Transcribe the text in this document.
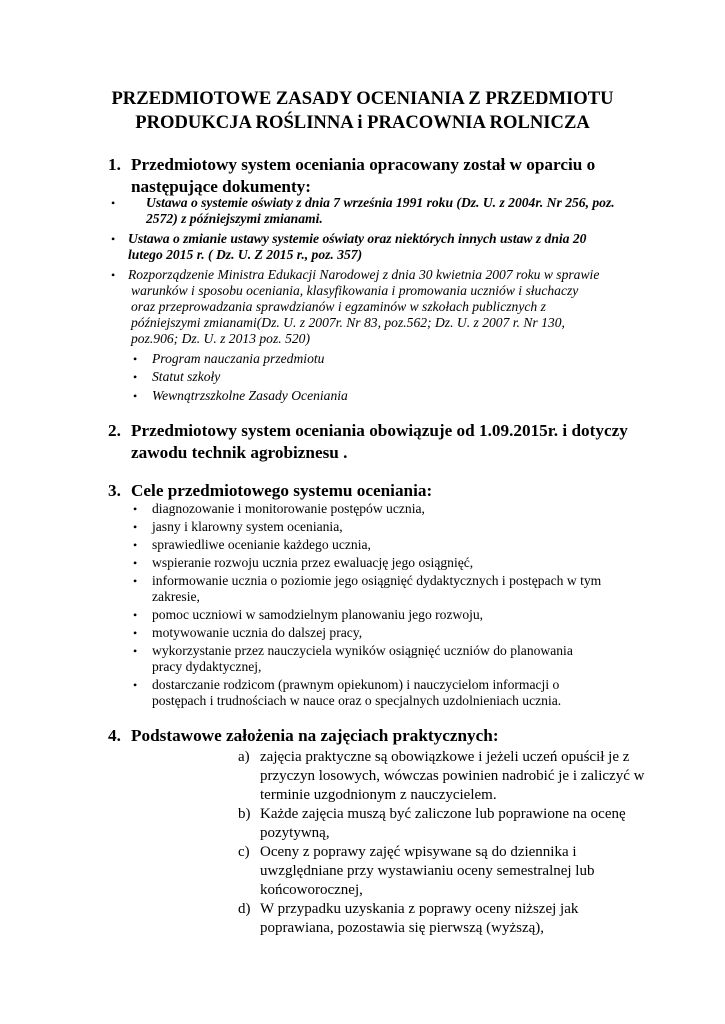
PRZEDMIOTOWE ZASADY OCENIANIA Z PRZEDMIOTU

PRODUKCJA ROŚLINNA i PRACOWNIA ROLNICZA

1. Przedmiotowy system oceniania opracowany został w oparciu o
następujące dokumenty:
• Ustawa o systemie oświaty z dnia 7 września 1991 roku (Dz. U. z 2004r. Nr 256, poz.

2572) z późniejszymi zmianami.

• Ustawa o zmianie ustawy systemie oświaty oraz niektórych innych ustaw z dnia 20

lutego 2015 r. ( Dz. U. Z 2015 r., poz. 357)

• Rozporządzenie Ministra Edukacji Narodowej z dnia 30 kwietnia 2007 roku w sprawie

warunków i sposobu oceniania, klasyfikowania i promowania uczniów i słuchaczy

oraz przeprowadzania sprawdzianów i egzaminów w szkołach publicznych z

późniejszymi zmianami(Dz. U. z 2007r. Nr 83, poz.562; Dz. U. z 2007 r. Nr 130,

poz.906; Dz. U. z 2013 poz. 520)

• Program nauczania przedmiotu

• Statut szkoły

• Wewnątrzszkolne Zasady Oceniania

2. Przedmiotowy system oceniania obowiązuje od 1.09.2015r. i dotyczy
zawodu technik agrobiznesu .
3. Cele przedmiotowego systemu oceniania:
• diagnozowanie i monitorowanie postępów ucznia,

• jasny i klarowny system oceniania,

• sprawiedliwe ocenianie każdego ucznia,

• wspieranie rozwoju ucznia przez ewaluację jego osiągnięć,

• informowanie ucznia o poziomie jego osiągnięć dydaktycznych i postępach w tym

zakresie,

• pomoc uczniowi w samodzielnym planowaniu jego rozwoju,

• motywowanie ucznia do dalszej pracy,

• wykorzystanie przez nauczyciela wyników osiągnięć uczniów do planowania

pracy dydaktycznej,

• dostarczanie rodzicom (prawnym opiekunom) i nauczycielom informacji o

postępach i trudnościach w nauce oraz o specjalnych uzdolnieniach ucznia.

4. Podstawowe założenia na zajęciach praktycznych:
a) zajęcia praktyczne są obowiązkowe i jeżeli uczeń opuścił je z

przyczyn losowych, wówczas powinien nadrobić je i zaliczyć w

terminie uzgodnionym z nauczycielem.

b) Każde zajęcia muszą być zaliczone lub poprawione na ocenę

pozytywną,

c) Oceny z poprawy zajęć wpisywane są do dziennika i

uwzględniane przy wystawianiu oceny semestralnej lub

końcoworocznej,

d) W przypadku uzyskania z poprawy oceny niższej jak

poprawiana, pozostawia się pierwszą (wyższą),
